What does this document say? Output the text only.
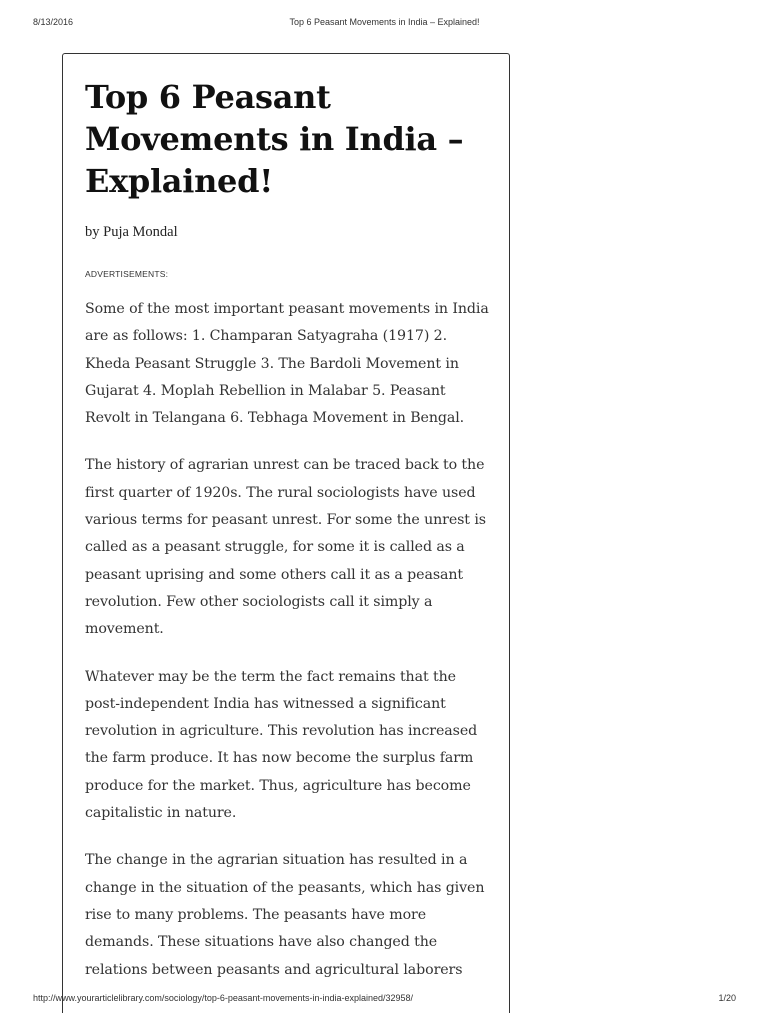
8/13/2016	Top 6 Peasant Movements in India – Explained!
Top 6 Peasant Movements in India – Explained!
by Puja Mondal
ADVERTISEMENTS:

Some of the most important peasant movements in India are as follows: 1. Champaran Satyagraha (1917) 2. Kheda Peasant Struggle 3. The Bardoli Movement in Gujarat 4. Moplah Rebellion in Malabar 5. Peasant Revolt in Telangana 6. Tebhaga Movement in Bengal.

The history of agrarian unrest can be traced back to the first quarter of 1920s. The rural sociologists have used various terms for peasant unrest. For some the unrest is called as a peasant struggle, for some it is called as a peasant uprising and some others call it as a peasant revolution. Few other sociologists call it simply a movement.

Whatever may be the term the fact remains that the post-independent India has witnessed a significant revolution in agriculture. This revolution has increased the farm produce. It has now become the surplus farm produce for the market. Thus, agriculture has become capitalistic in nature.

The change in the agrarian situation has resulted in a change in the situation of the peasants, which has given rise to many problems. The peasants have more demands. These situations have also changed the relations between peasants and agricultural laborers

http://www.yourarticlelibrary.com/sociology/top-6-peasant-movements-in-india-explained/32958/	1/20
